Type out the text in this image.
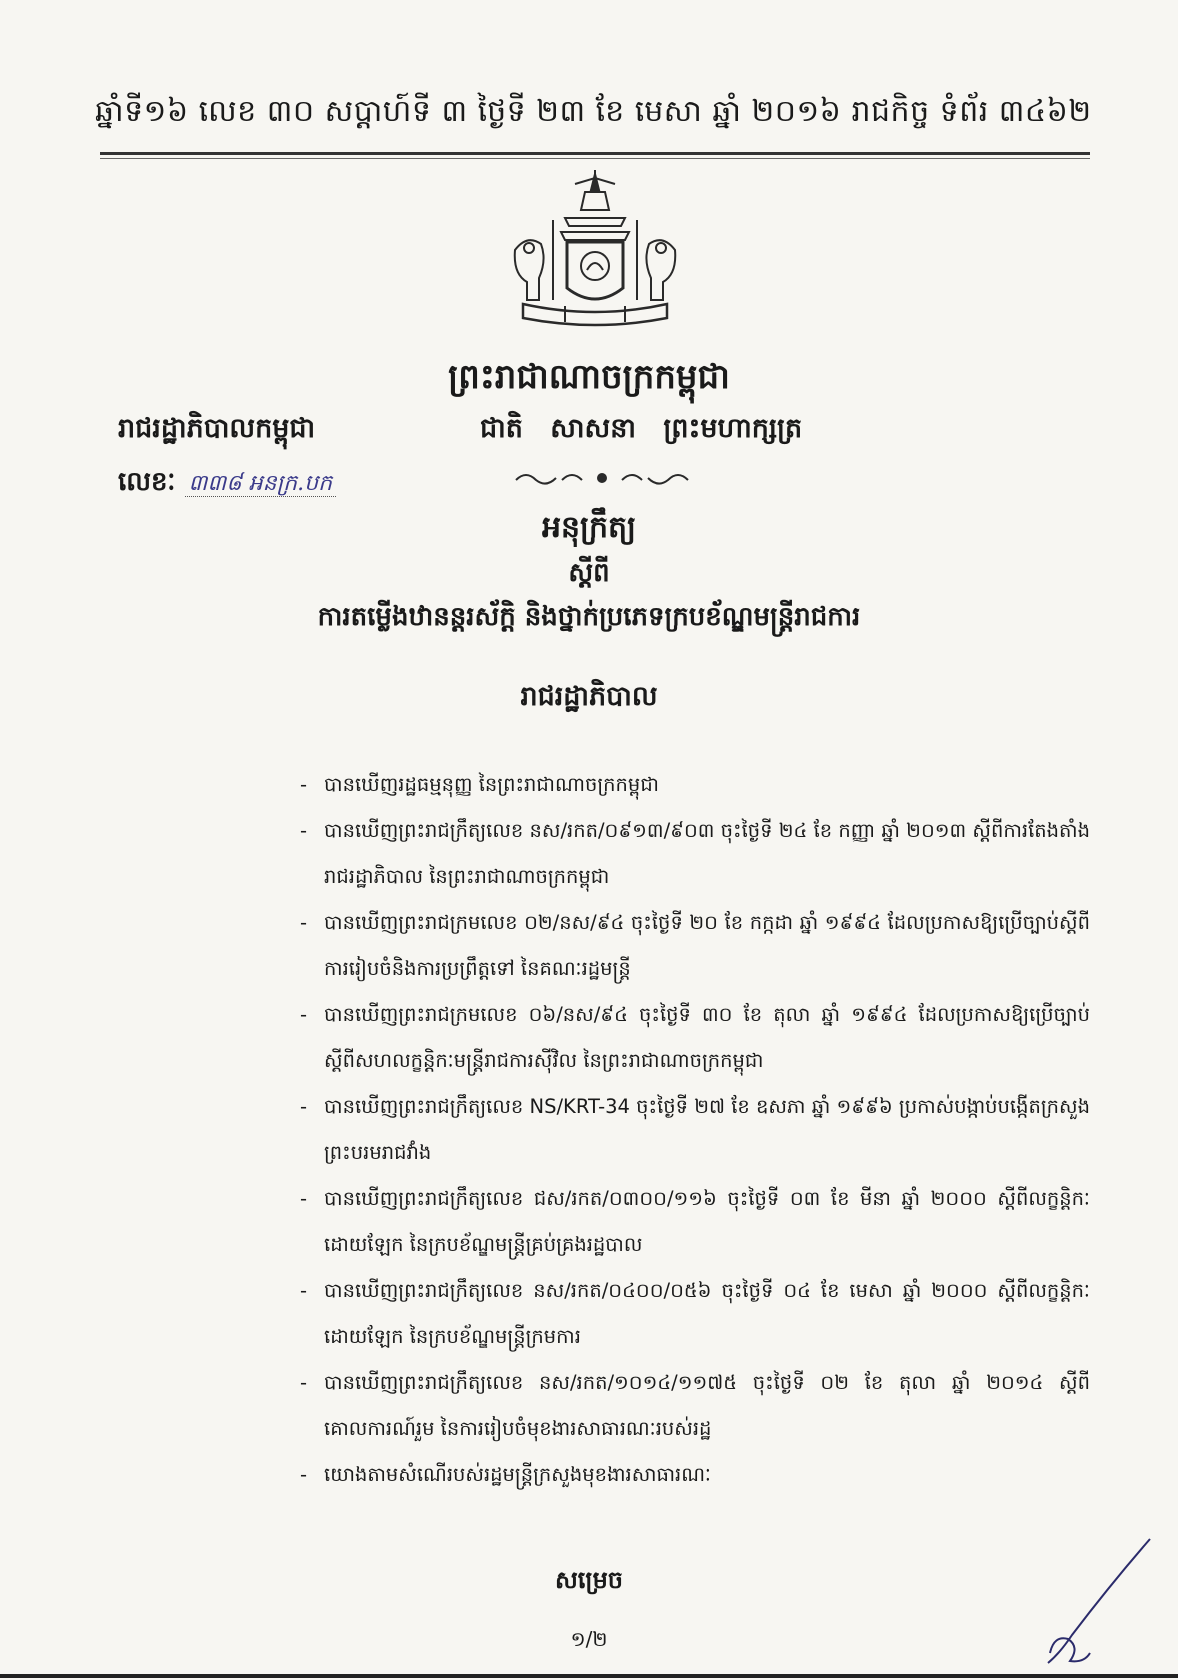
ឆ្នាំទី១៦ លេខ ៣០ សប្ដាហ៍ទី ៣ ថ្ងៃទី ២៣ ខែ មេសា ឆ្នាំ ២០១៦ រាជកិច្ច ទំព័រ ៣៤៦២
ព្រះរាជាណាចក្រកម្ពុជា
រាជរដ្ឋាភិបាលកម្ពុជា
លេខៈ ៣៣៨ អនក្រ.បក
ជាតិ សាសនា ព្រះមហាក្សត្រ
អនុក្រឹត្យ
ស្ដីពី
ការតម្លើងឋានន្តរស័ក្តិ និងថ្នាក់ប្រភេទក្របខ័ណ្ឌមន្ត្រីរាជការ
រាជរដ្ឋាភិបាល
- បានឃើញរដ្ឋធម្មនុញ្ញ នៃព្រះរាជាណាចក្រកម្ពុជា
- បានឃើញព្រះរាជក្រឹត្យលេខ នស/រកត/០៩១៣/៩០៣ ចុះថ្ងៃទី ២៤ ខែ កញ្ញា ឆ្នាំ ២០១៣ ស្ដីពីការតែងតាំងរាជរដ្ឋាភិបាល នៃព្រះរាជាណាចក្រកម្ពុជា
- បានឃើញព្រះរាជក្រមលេខ ០២/នស/៩៤ ចុះថ្ងៃទី ២០ ខែ កក្កដា ឆ្នាំ ១៩៩៤ ដែលប្រកាសឱ្យប្រើច្បាប់ស្ដីពីការរៀបចំនិងការប្រព្រឹត្តទៅ នៃគណៈរដ្ឋមន្ត្រី
- បានឃើញព្រះរាជក្រមលេខ ០៦/នស/៩៤ ចុះថ្ងៃទី ៣០ ខែ តុលា ឆ្នាំ ១៩៩៤ ដែលប្រកាសឱ្យប្រើច្បាប់ស្ដីពីសហលក្ខន្តិកៈមន្ត្រីរាជការស៊ីវិល នៃព្រះរាជាណាចក្រកម្ពុជា
- បានឃើញព្រះរាជក្រឹត្យលេខ NS/KRT-34 ចុះថ្ងៃទី ២៧ ខែ ឧសភា ឆ្នាំ ១៩៩៦ ប្រកាស់បង្កាប់បង្កើតក្រសួងព្រះបរមរាជវាំង
- បានឃើញព្រះរាជក្រឹត្យលេខ ជស/រកត/០៣០០/១១៦ ចុះថ្ងៃទី ០៣ ខែ មីនា ឆ្នាំ ២០០០ ស្ដីពីលក្ខន្តិកៈដោយឡែក នៃក្របខ័ណ្ឌមន្ត្រីគ្រប់គ្រងរដ្ឋបាល
- បានឃើញព្រះរាជក្រឹត្យលេខ នស/រកត/០៤០០/០៥៦ ចុះថ្ងៃទី ០៤ ខែ មេសា ឆ្នាំ ២០០០ ស្ដីពីលក្ខន្តិកៈដោយឡែក នៃក្របខ័ណ្ឌមន្ត្រីក្រមការ
- បានឃើញព្រះរាជក្រឹត្យលេខ នស/រកត/១០១៤/១១៧៥ ចុះថ្ងៃទី ០២ ខែ តុលា ឆ្នាំ ២០១៤ ស្ដីពីគោលការណ៍រួម នៃការរៀបចំមុខងារសាធារណៈរបស់រដ្ឋ
- យោងតាមសំណើរបស់រដ្ឋមន្ត្រីក្រសួងមុខងារសាធារណៈ
សម្រេច
១/២
